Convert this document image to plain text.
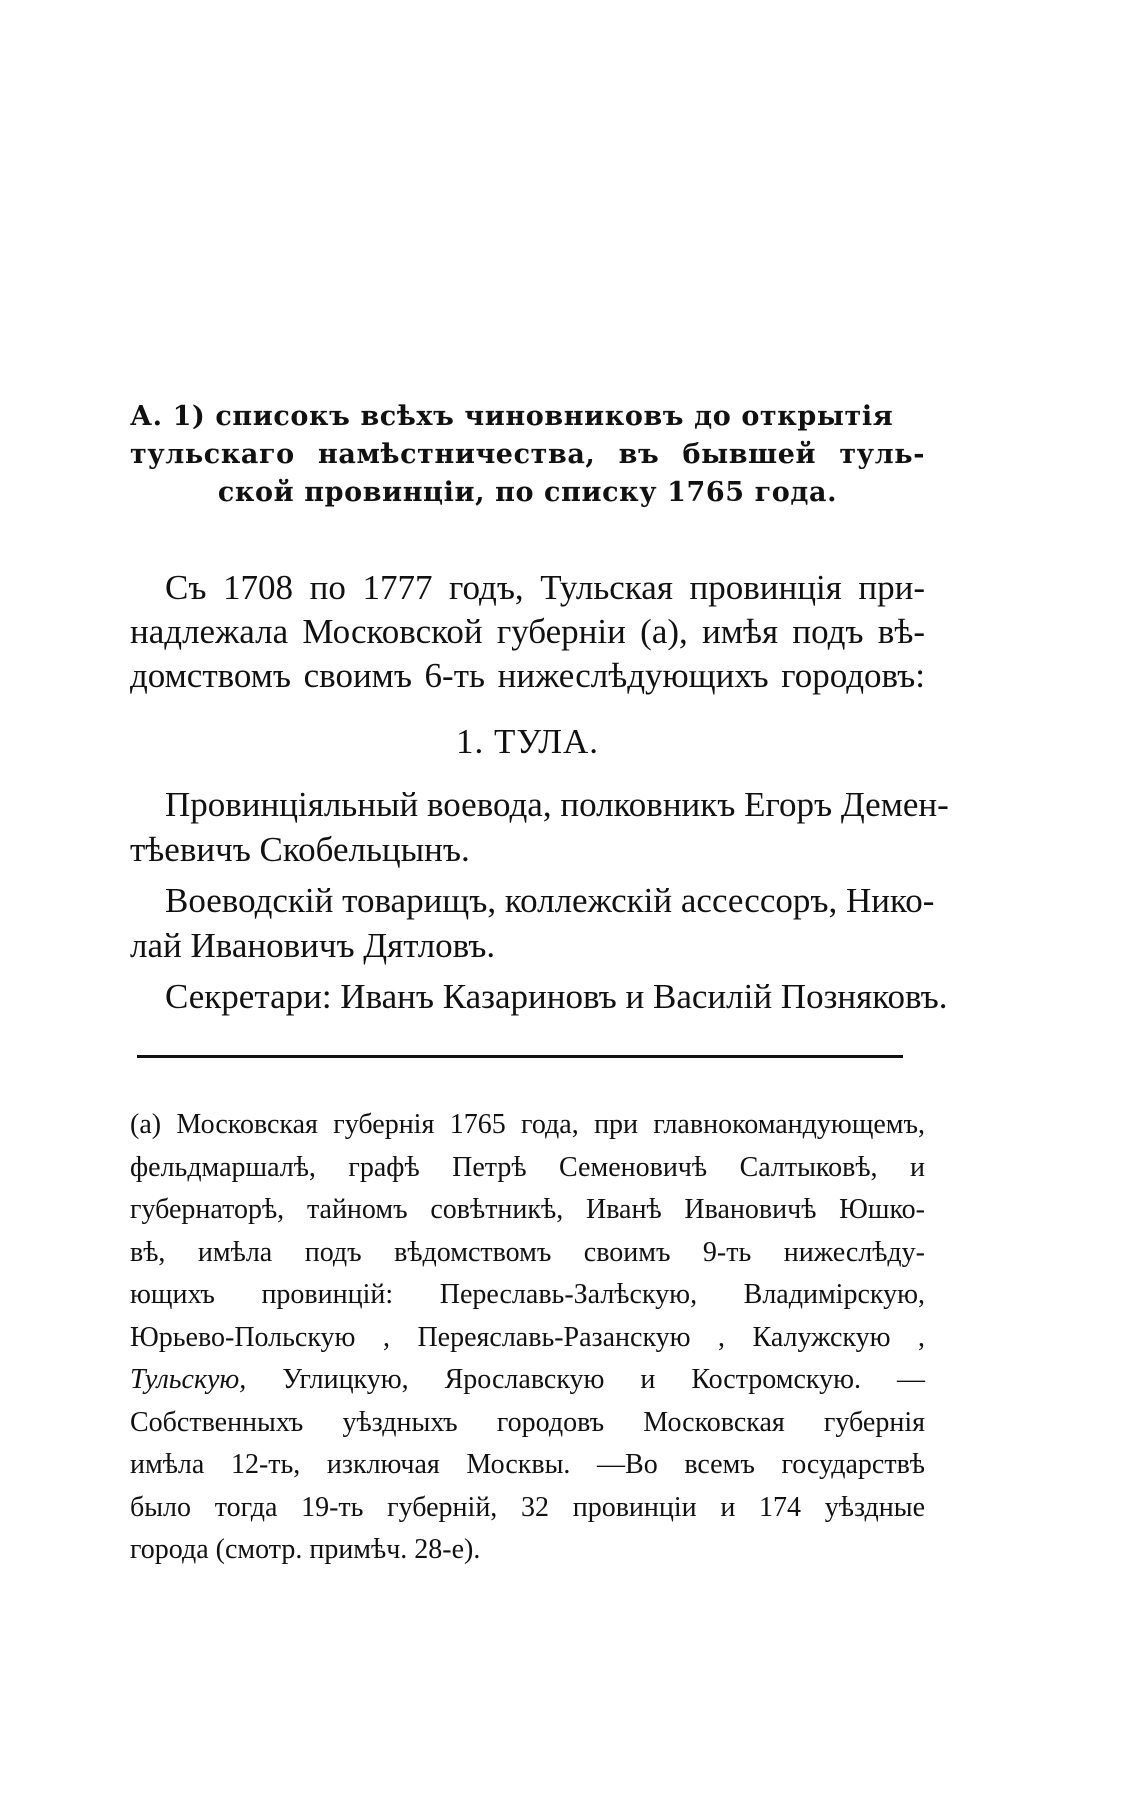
А. 1) списокъ всѣхъ чиновниковъ до открытія
тульскаго намѣстничества, въ бывшей туль-
ской провинціи, по списку 1765 года.
Съ 1708 по 1777 годъ, Тульская провинція при-
надлежала Московской губерніи (а), имѣя подъ вѣ-
домствомъ своимъ 6-ть нижеслѣдующихъ городовъ:
1. ТУЛА.
Провинціяльный воевода, полковникъ Егоръ Демен-
тѣевичъ Скобельцынъ.
Воеводскій товарищъ, коллежскій ассессоръ, Нико-
лай Ивановичъ Дятловъ.
Секретари: Иванъ Казариновъ и Василій Позняковъ.
(а) Московская губернія 1765 года, при главнокомандующемъ,
фельдмаршалѣ, графѣ Петрѣ Семеновичѣ Салтыковѣ, и
губернаторѣ, тайномъ совѣтникѣ, Иванѣ Ивановичѣ Юшко-
вѣ, имѣла подъ вѣдомствомъ своимъ 9-ть нижеслѣду-
ющихъ провинцій: Переславь-Залѣскую, Владимірскую,
Юрьево-Польскую , Переяславь-Разанскую , Калужскую ,
Тульскую, Углицкую, Ярославскую и Костромскую. —
Собственныхъ уѣздныхъ городовъ Московская губернія
имѣла 12-ть, изключая Москвы. —Во всемъ государствѣ
было тогда 19-ть губерній, 32 провинціи и 174 уѣздные
города (смотр. примѣч. 28-е).
